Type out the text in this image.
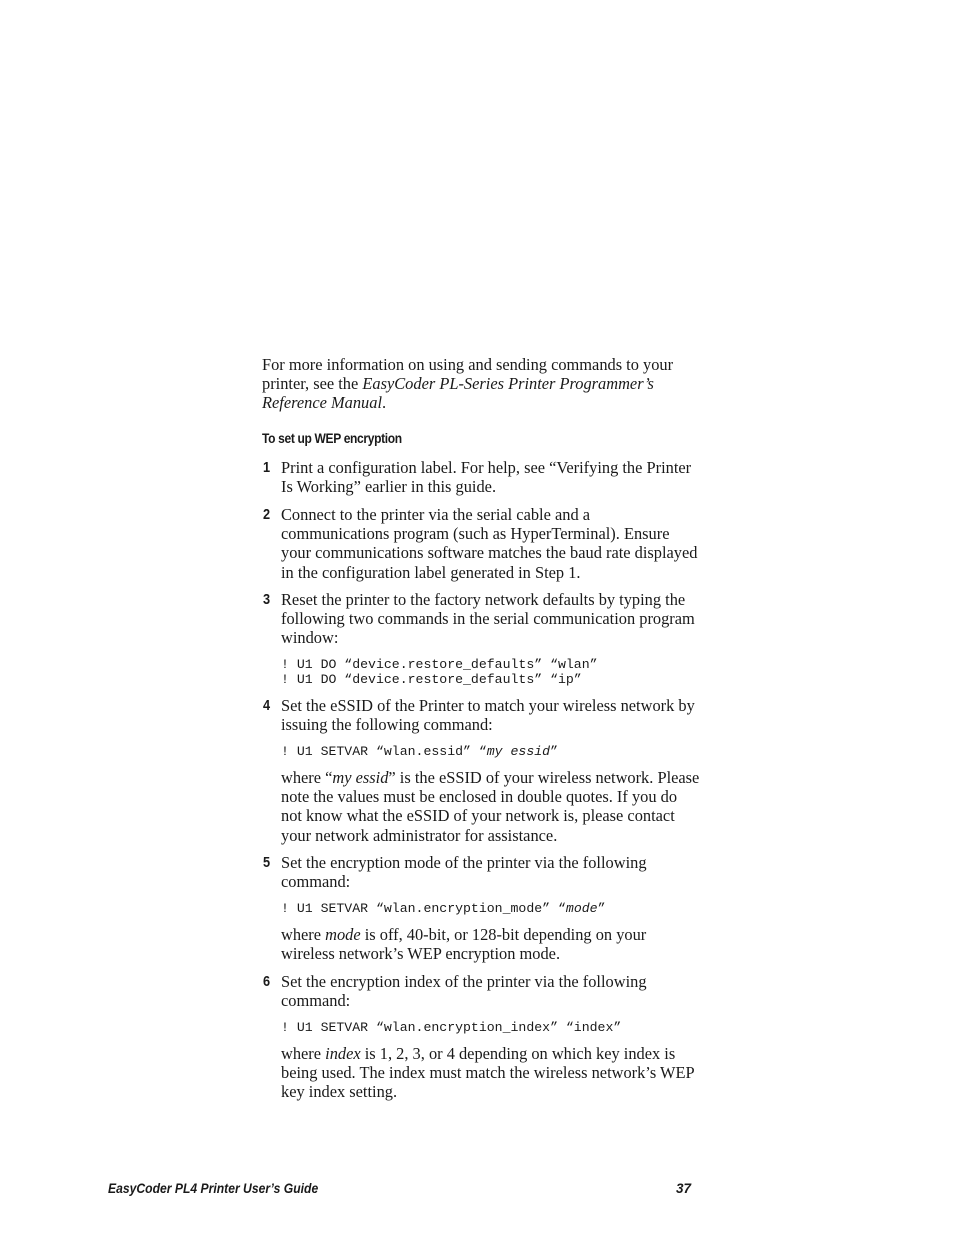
For more information on using and sending commands to your printer, see the EasyCoder PL-Series Printer Programmer’s Reference Manual.

To set up WEP encryption
1 Print a configuration label. For help, see “Verifying the Printer Is Working” earlier in this guide.

2 Connect to the printer via the serial cable and a communications program (such as HyperTerminal). Ensure your communications software matches the baud rate displayed in the configuration label generated in Step 1.

3 Reset the printer to the factory network defaults by typing the following two commands in the serial communication program window:

! U1 DO “device.restore_defaults” “wlan”
! U1 DO “device.restore_defaults” “ip”
4 Set the eSSID of the Printer to match your wireless network by issuing the following command:

! U1 SETVAR “wlan.essid” “my essid”

where “my essid” is the eSSID of your wireless network. Please note the values must be enclosed in double quotes. If you do not know what the eSSID of your network is, please contact your network administrator for assistance.

5 Set the encryption mode of the printer via the following command:

! U1 SETVAR “wlan.encryption_mode” “mode”

where mode is off, 40-bit, or 128-bit depending on your wireless network’s WEP encryption mode.

6 Set the encryption index of the printer via the following command:

! U1 SETVAR “wlan.encryption_index” “index”

where index is 1, 2, 3, or 4 depending on which key index is being used. The index must match the wireless network’s WEP key index setting.

EasyCoder PL4 Printer User’s Guide	37
